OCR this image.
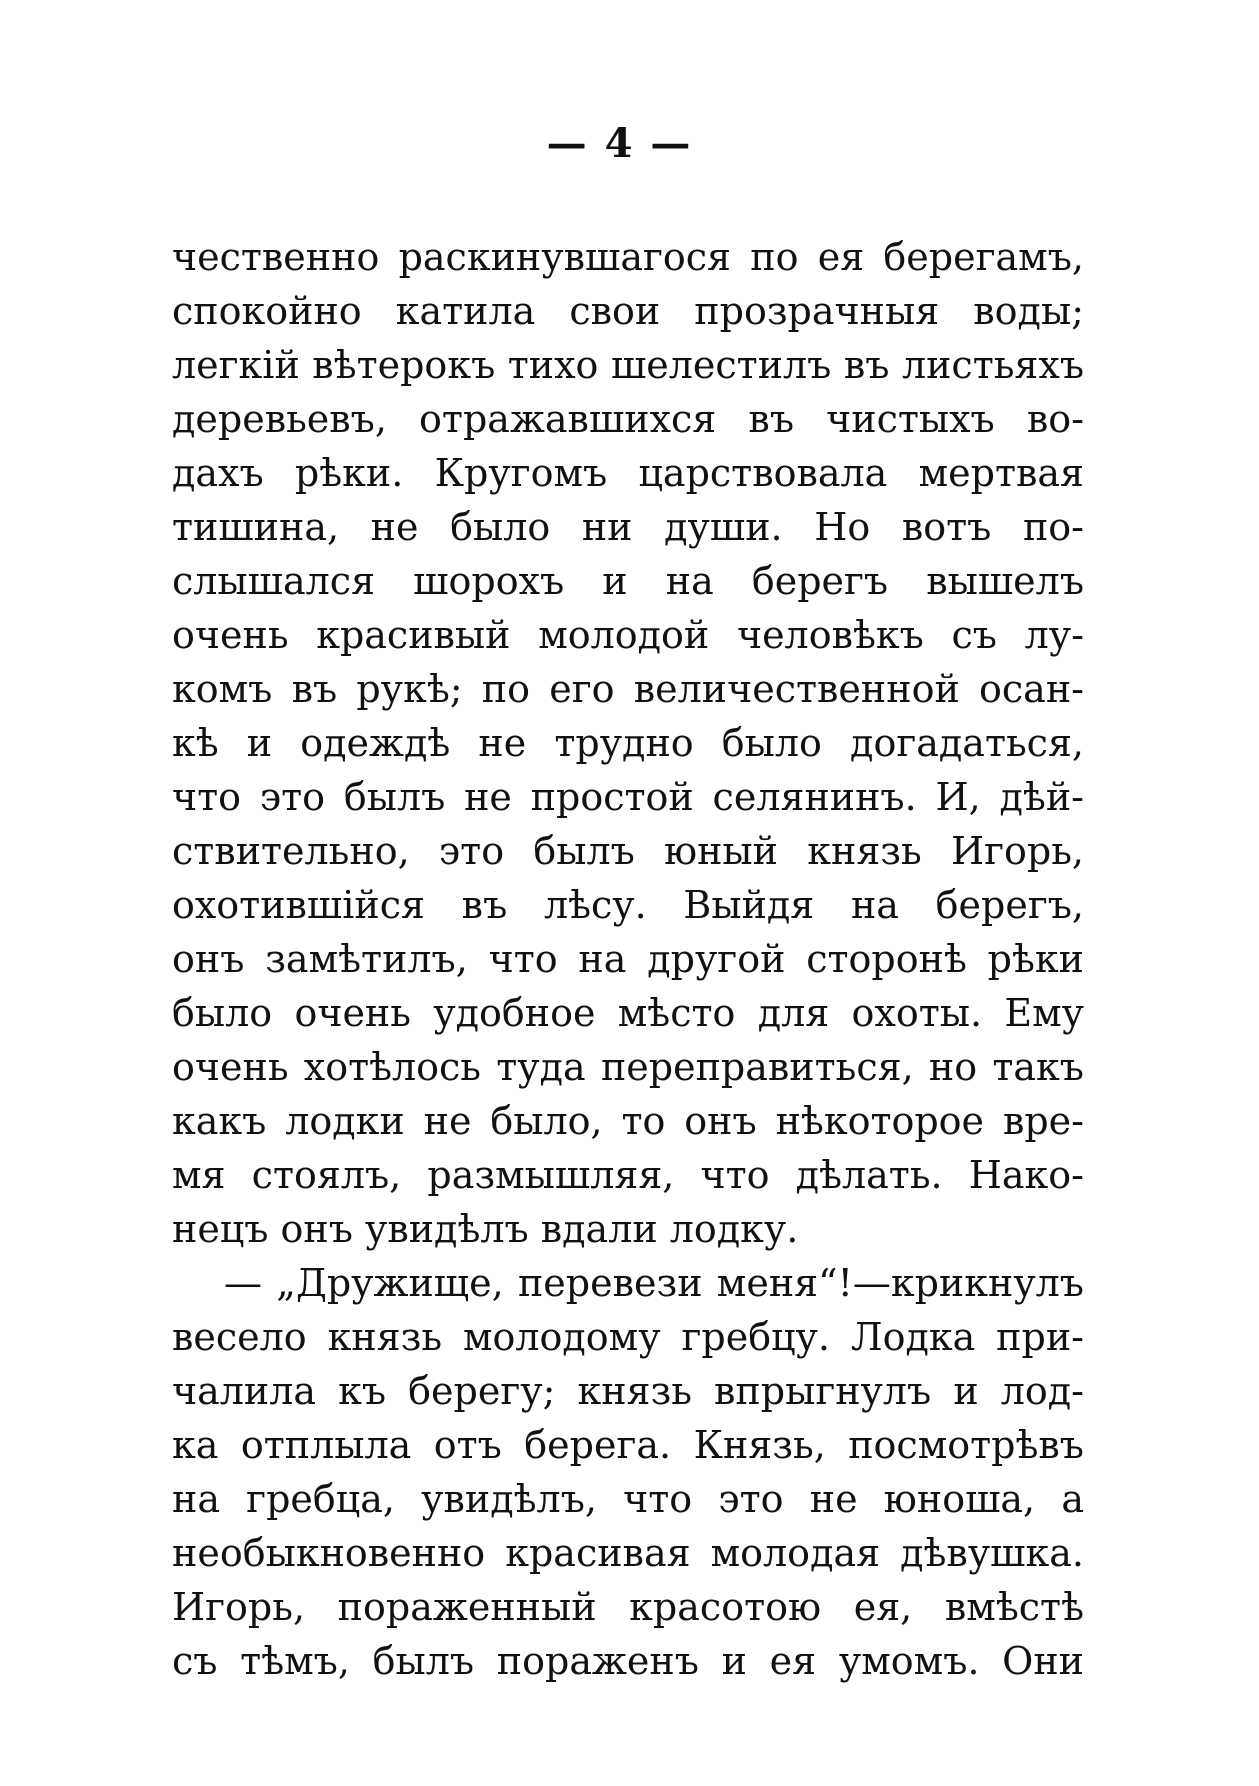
— 4 —
чественно раскинувшагося по ея берегамъ,
спокойно катила свои прозрачныя воды;
легкій вѣтерокъ тихо шелестилъ въ листьяхъ
деревьевъ, отражавшихся въ чистыхъ во-
дахъ рѣки. Кругомъ царствовала мертвая
тишина, не было ни души. Но вотъ по-
слышался шорохъ и на берегъ вышелъ
очень красивый молодой человѣкъ съ лу-
комъ въ рукѣ; по его величественной осан-
кѣ и одеждѣ не трудно было догадаться,
что это былъ не простой селянинъ. И, дѣй-
ствительно, это былъ юный князь Игорь,
охотившійся въ лѣсу. Выйдя на берегъ,
онъ замѣтилъ, что на другой сторонѣ рѣки
было очень удобное мѣсто для охоты. Ему
очень хотѣлось туда переправиться, но такъ
какъ лодки не было, то онъ нѣкоторое вре-
мя стоялъ, размышляя, что дѣлать. Нако-
нецъ онъ увидѣлъ вдали лодку.
— „Дружище, перевези меня“!—крикнулъ
весело князь молодому гребцу. Лодка при-
чалила къ берегу; князь впрыгнулъ и лод-
ка отплыла отъ берега. Князь, посмотрѣвъ
на гребца, увидѣлъ, что это не юноша, а
необыкновенно красивая молодая дѣвушка.
Игорь, пораженный красотою ея, вмѣстѣ
съ тѣмъ, былъ пораженъ и ея умомъ. Они
